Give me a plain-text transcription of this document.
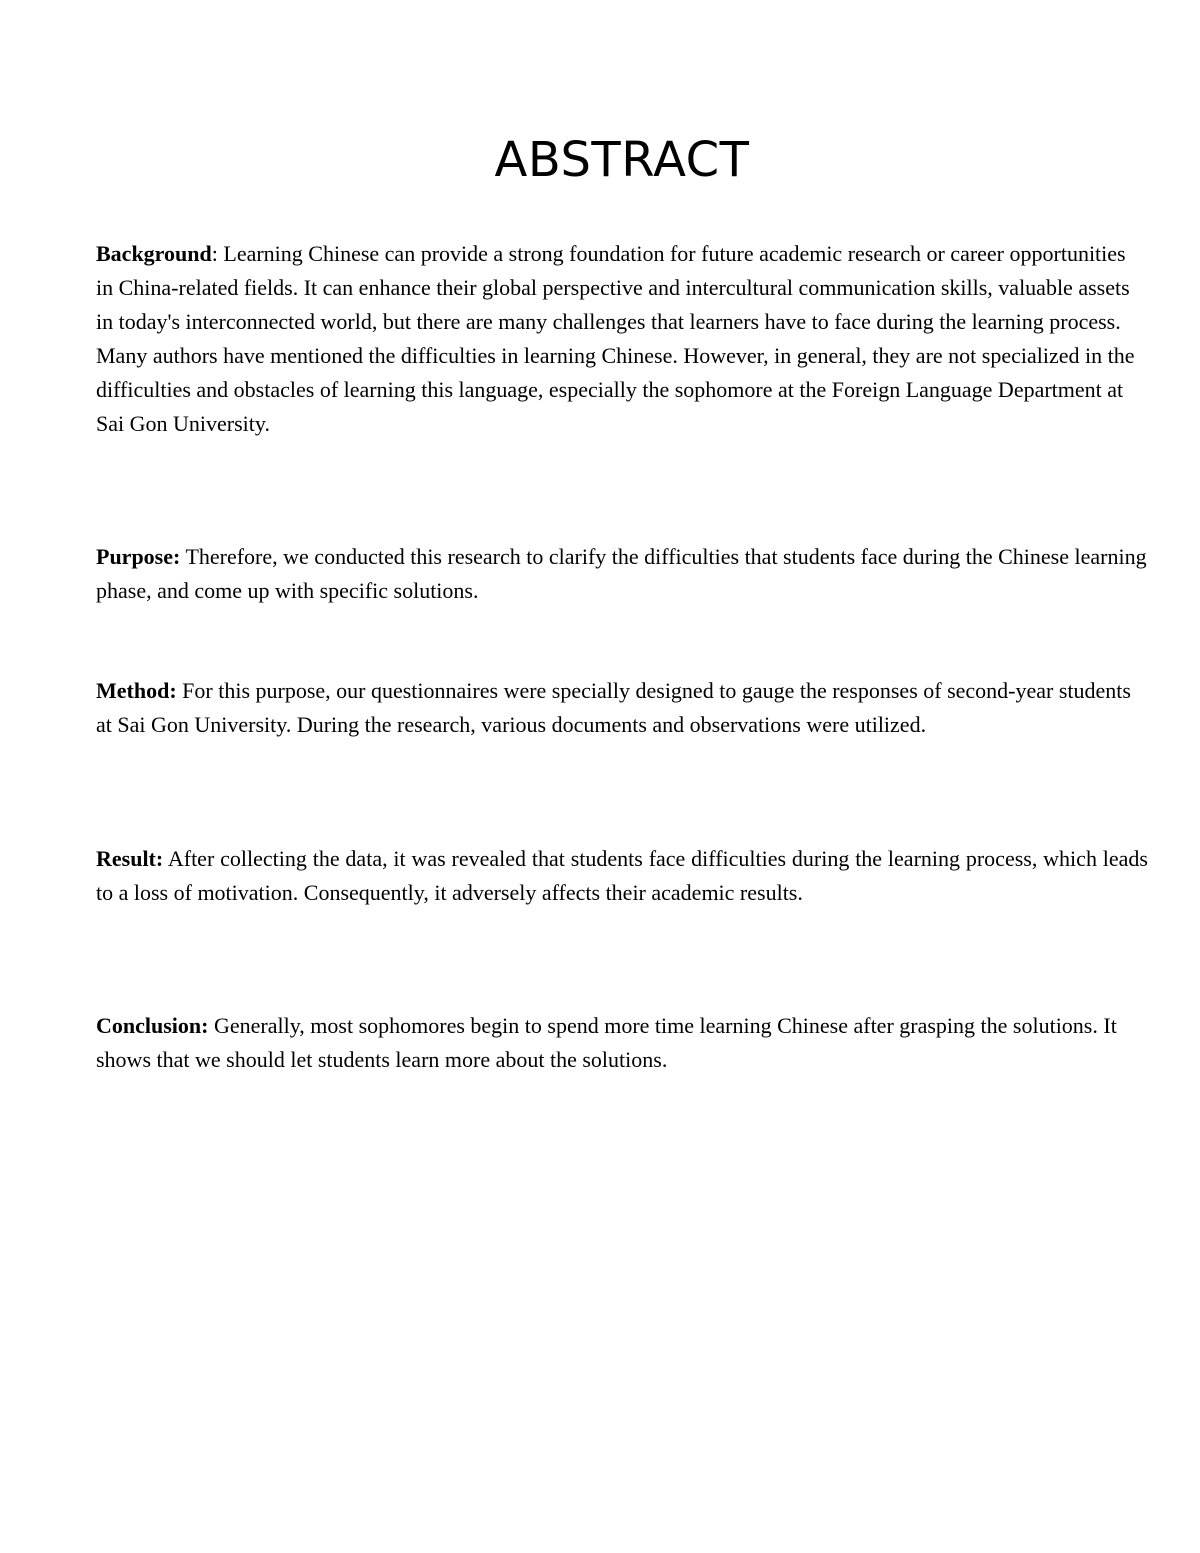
ABSTRACT

Background: Learning Chinese can provide a strong foundation for future academic research or career opportunities in China-related fields. It can enhance their global perspective and intercultural communication skills, valuable assets in today's interconnected world, but there are many challenges that learners have to face during the learning process. Many authors have mentioned the difficulties in learning Chinese. However, in general, they are not specialized in the difficulties and obstacles of learning this language, especially the sophomore at the Foreign Language Department at Sai Gon University.

Purpose: Therefore, we conducted this research to clarify the difficulties that students face during the Chinese learning phase, and come up with specific solutions.

Method: For this purpose, our questionnaires were specially designed to gauge the responses of second-year students at Sai Gon University. During the research, various documents and observations were utilized.

Result: After collecting the data, it was revealed that students face difficulties during the learning process, which leads to a loss of motivation. Consequently, it adversely affects their academic results.

Conclusion: Generally, most sophomores begin to spend more time learning Chinese after grasping the solutions. It shows that we should let students learn more about the solutions.
